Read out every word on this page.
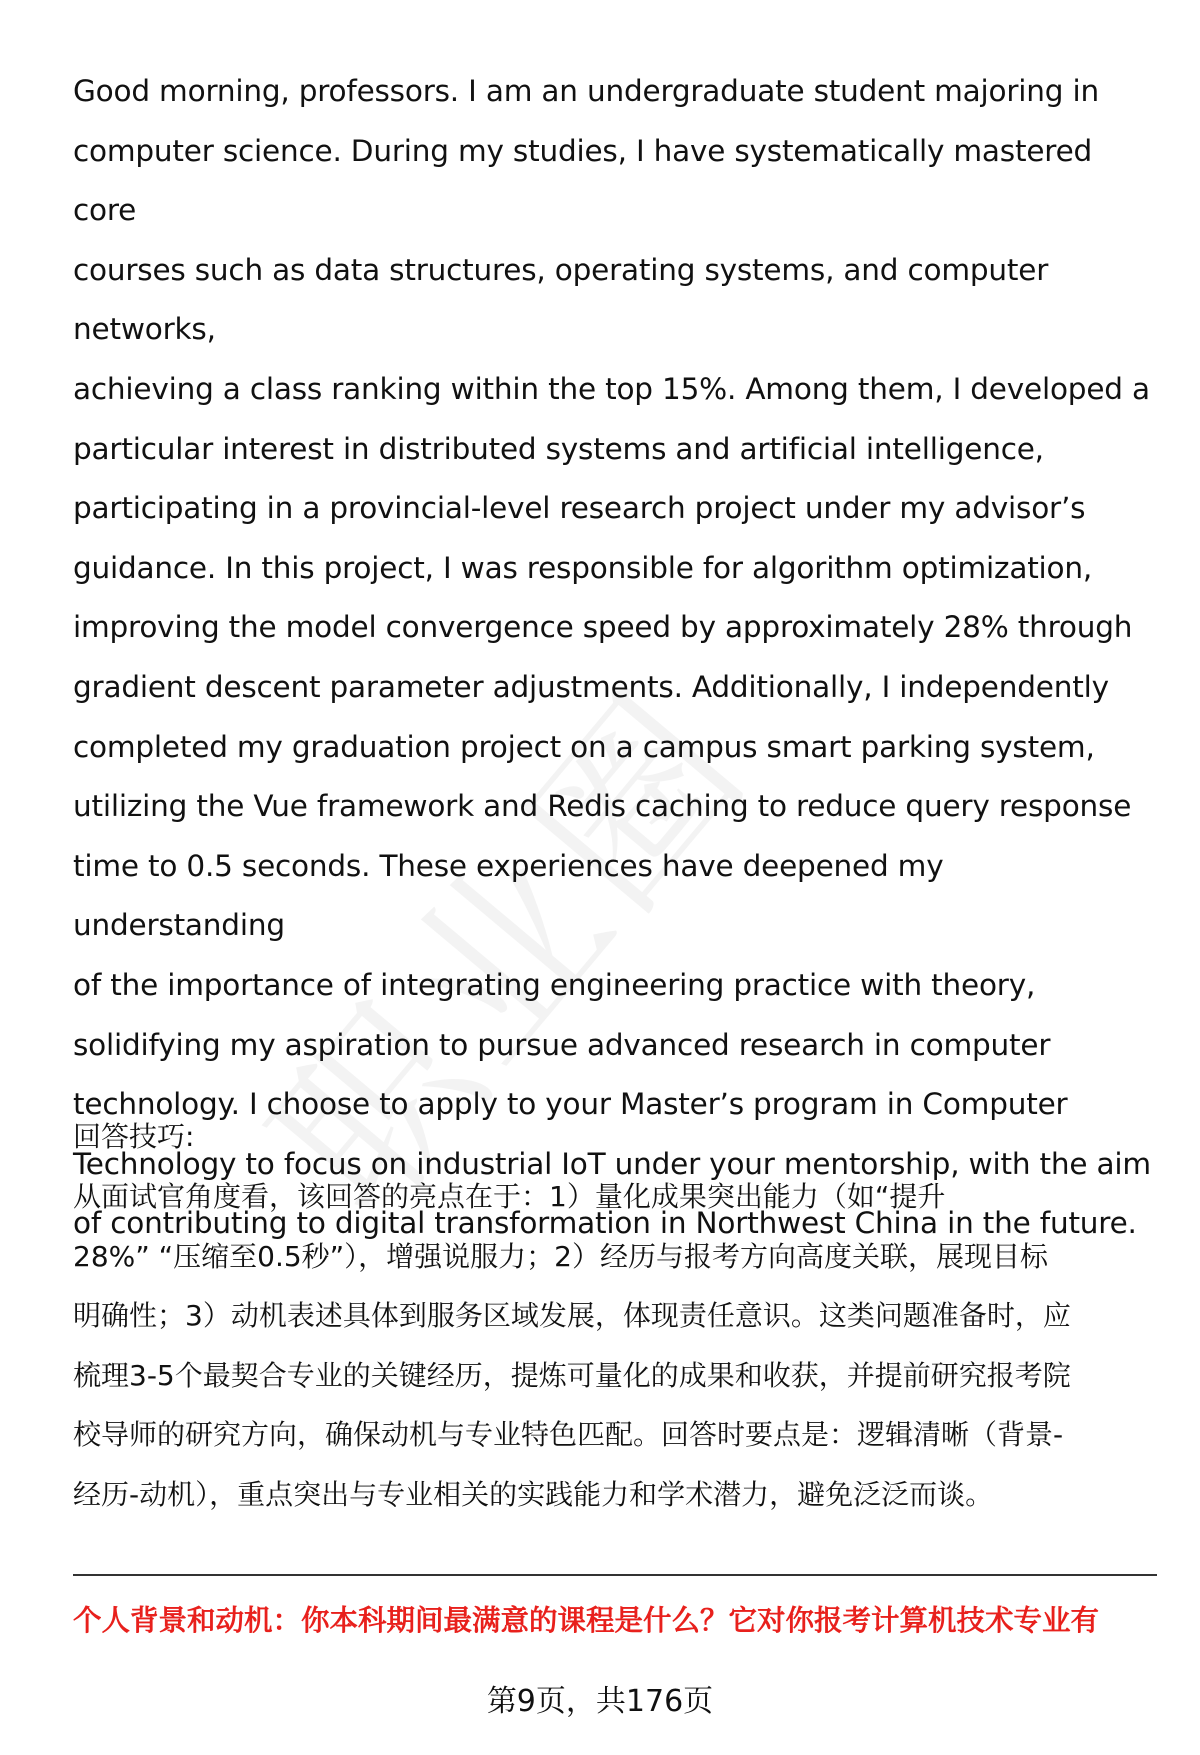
Good morning, professors. I am an undergraduate student majoring in
computer science. During my studies, I have systematically mastered core
courses such as data structures, operating systems, and computer networks,
achieving a class ranking within the top 15%. Among them, I developed a
particular interest in distributed systems and artificial intelligence,
participating in a provincial-level research project under my advisor’s
guidance. In this project, I was responsible for algorithm optimization,
improving the model convergence speed by approximately 28% through
gradient descent parameter adjustments. Additionally, I independently
completed my graduation project on a campus smart parking system,
utilizing the Vue framework and Redis caching to reduce query response
time to 0.5 seconds. These experiences have deepened my understanding
of the importance of integrating engineering practice with theory,
solidifying my aspiration to pursue advanced research in computer
technology. I choose to apply to your Master’s program in Computer
Technology to focus on industrial IoT under your mentorship, with the aim
of contributing to digital transformation in Northwest China in the future.
回答技巧:
从面试官角度看，该回答的亮点在于：1）量化成果突出能力（如“提升
28%” “压缩至0.5秒”），增强说服力；2）经历与报考方向高度关联，展现目标
明确性；3）动机表述具体到服务区域发展，体现责任意识。这类问题准备时，应
梳理3-5个最契合专业的关键经历，提炼可量化的成果和收获，并提前研究报考院
校导师的研究方向，确保动机与专业特色匹配。回答时要点是：逻辑清晰（背景-
经历-动机），重点突出与专业相关的实践能力和学术潜力，避免泛泛而谈。
个人背景和动机：你本科期间最满意的课程是什么？它对你报考计算机技术专业有
第9页，共176页
